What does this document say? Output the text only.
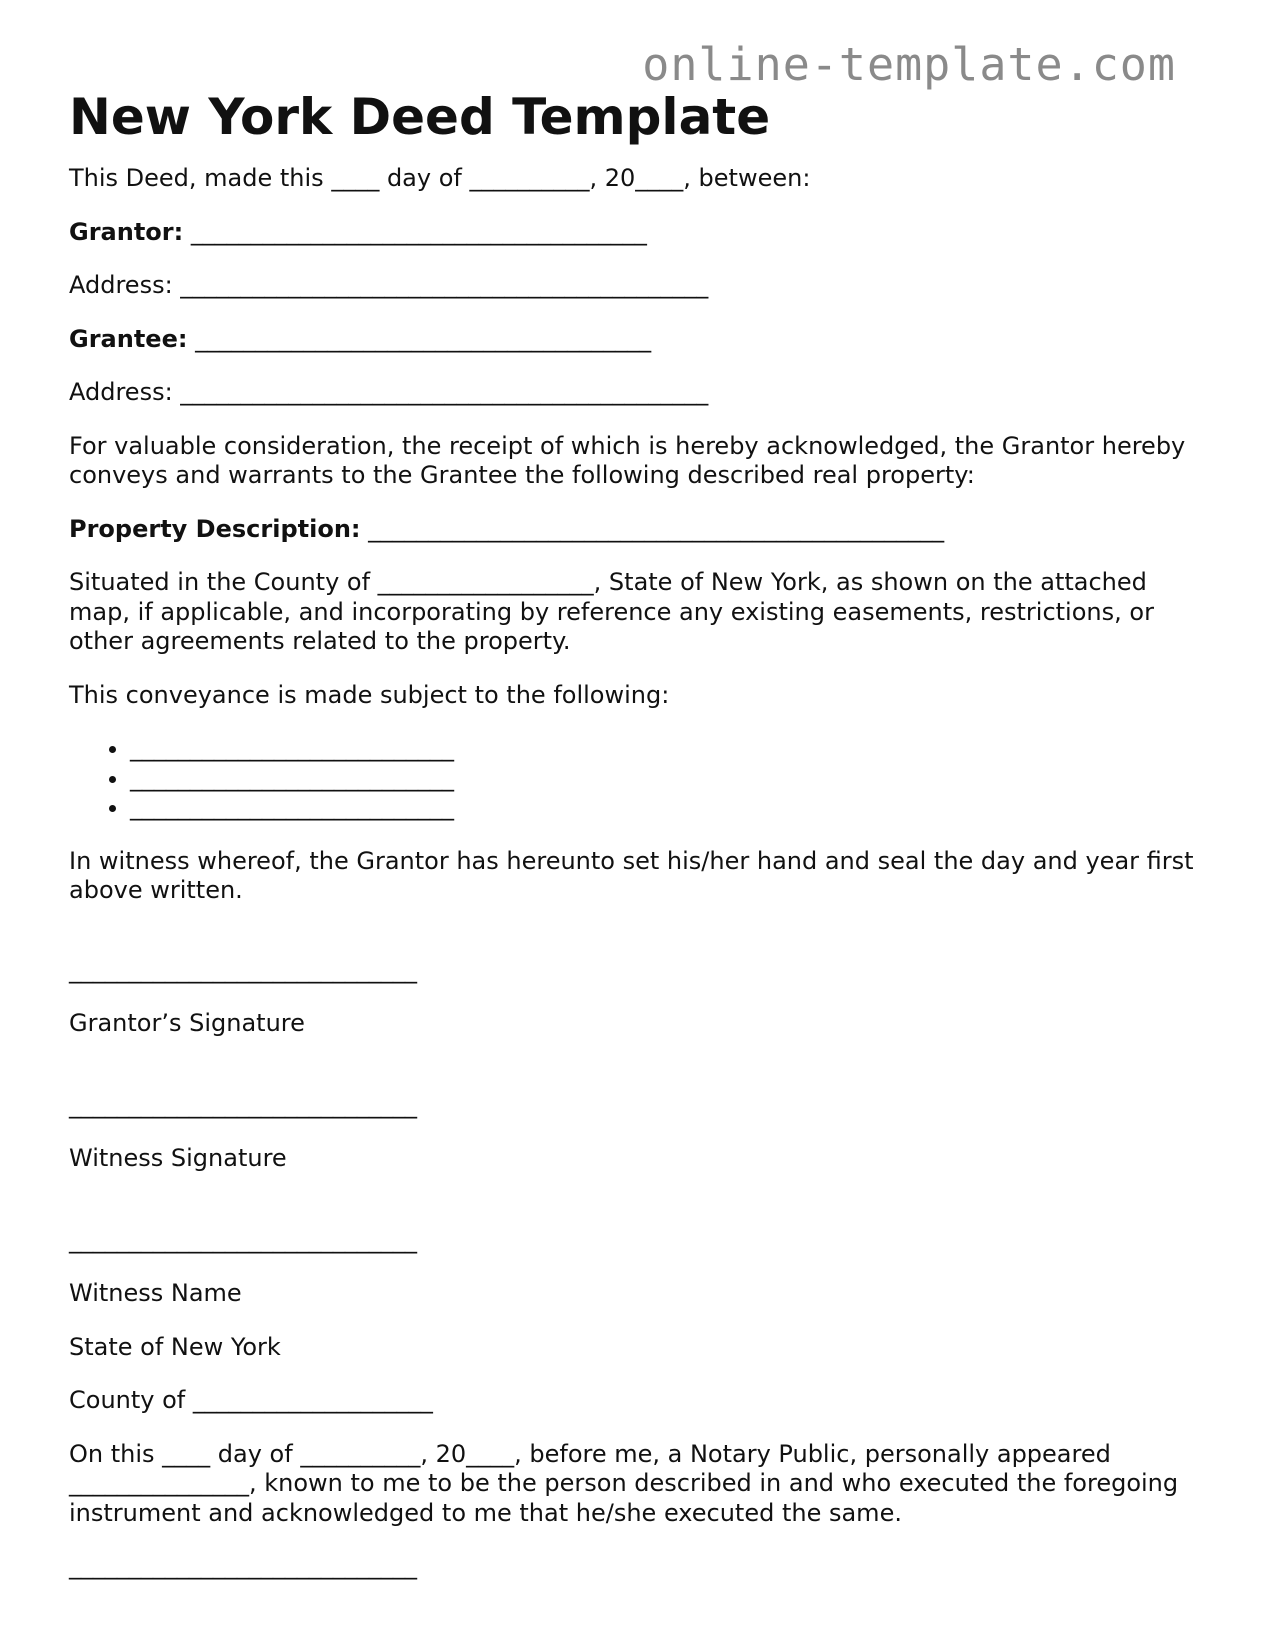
online-template.com
New York Deed Template

This Deed, made this ____ day of __________, 20____, between:

Grantor: ______________________________________

Address: ____________________________________________

Grantee: ______________________________________

Address: ____________________________________________

For valuable consideration, the receipt of which is hereby acknowledged, the Grantor hereby conveys and warrants to the Grantee the following described real property:

Property Description: ________________________________________________

Situated in the County of __________________, State of New York, as shown on the attached map, if applicable, and incorporating by reference any existing easements, restrictions, or other agreements related to the property.

This conveyance is made subject to the following:

• ___________________________
• ___________________________
• ___________________________

In witness whereof, the Grantor has hereunto set his/her hand and seal the day and year first above written.

_____________________________

Grantor’s Signature

_____________________________

Witness Signature

_____________________________

Witness Name

State of New York

County of ____________________

On this ____ day of __________, 20____, before me, a Notary Public, personally appeared _______________, known to me to be the person described in and who executed the foregoing instrument and acknowledged to me that he/she executed the same.

_____________________________
